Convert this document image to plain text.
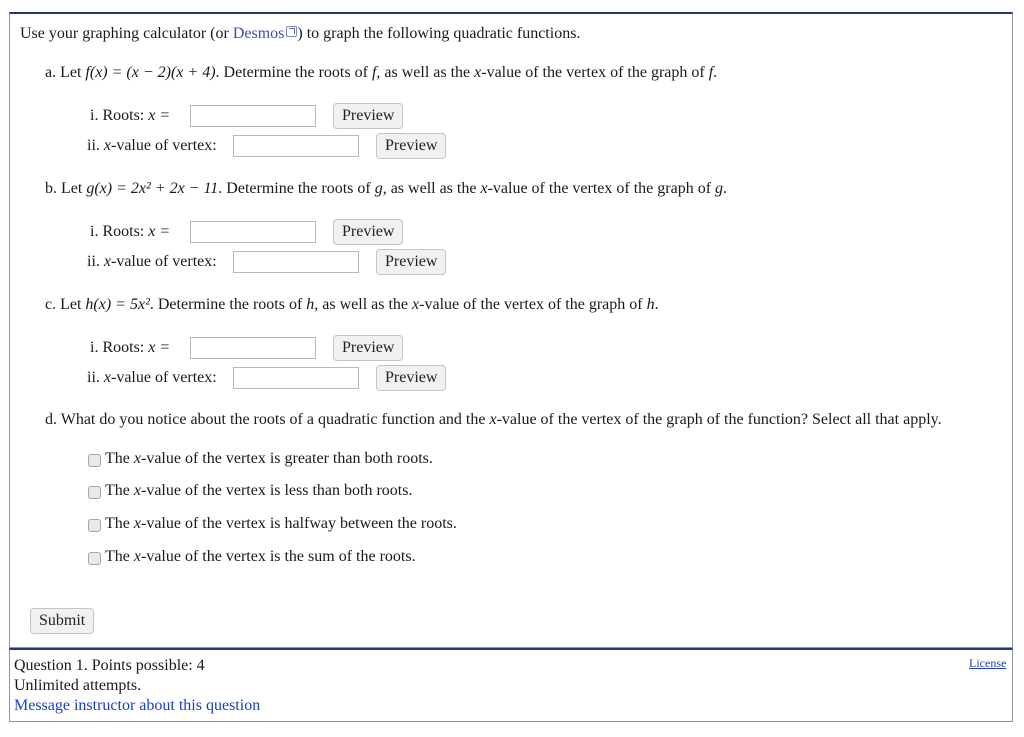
Use your graphing calculator (or Desmos ) to graph the following quadratic functions.
a. Let f(x) = (x − 2)(x + 4). Determine the roots of f, as well as the x-value of the vertex of the graph of f.
i. Roots: x =	Preview
ii. x-value of vertex:	Preview
b. Let g(x) = 2x² + 2x − 11. Determine the roots of g, as well as the x-value of the vertex of the graph of g.
i. Roots: x =	Preview
ii. x-value of vertex:	Preview
c. Let h(x) = 5x². Determine the roots of h, as well as the x-value of the vertex of the graph of h.
i. Roots: x =	Preview
ii. x-value of vertex:	Preview
d. What do you notice about the roots of a quadratic function and the x-value of the vertex of the graph of the function? Select all that apply.
The x-value of the vertex is greater than both roots.
The x-value of the vertex is less than both roots.
The x-value of the vertex is halfway between the roots.
The x-value of the vertex is the sum of the roots.
Submit
Question 1. Points possible: 4
Unlimited attempts.
Message instructor about this question
License
